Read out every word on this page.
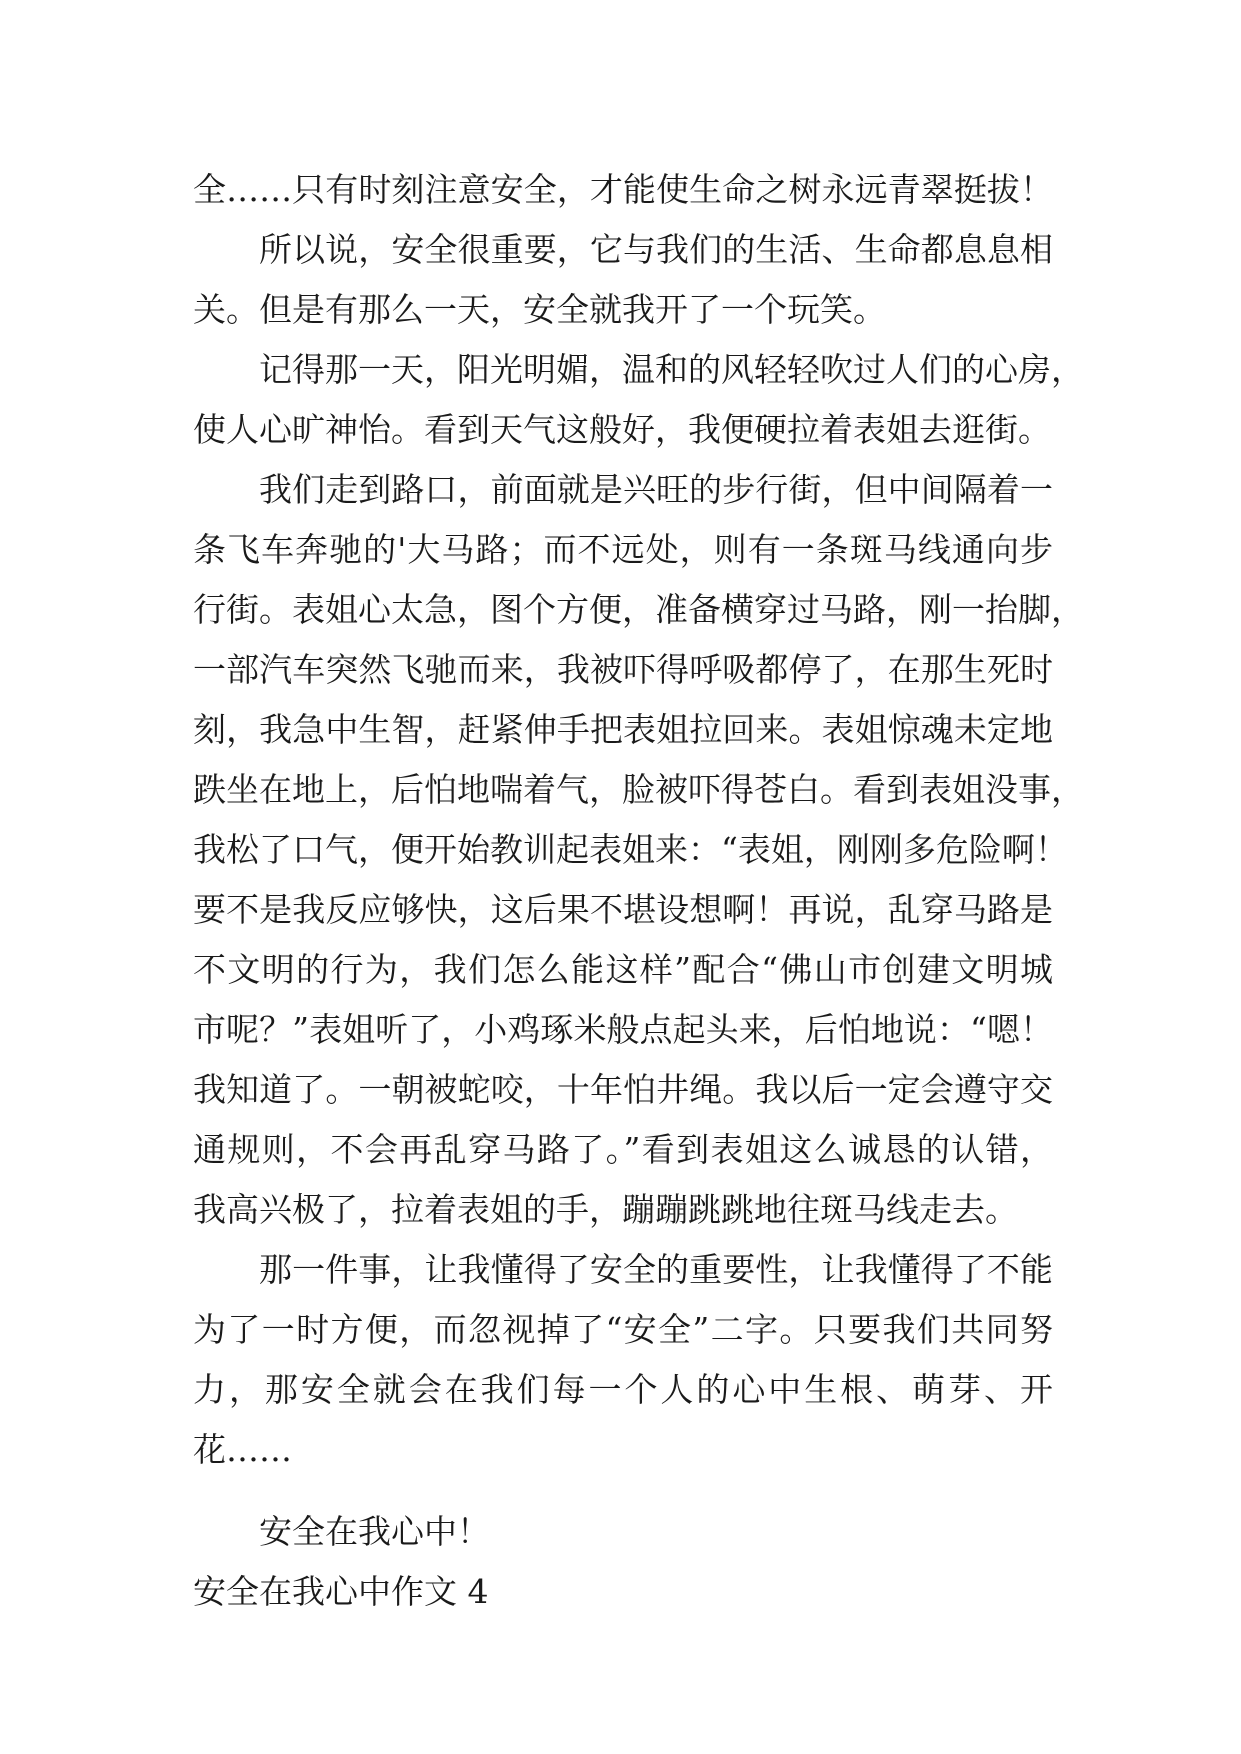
全……只有时刻注意安全，才能使生命之树永远青翠挺拔！
所以说，安全很重要，它与我们的生活、生命都息息相
关。但是有那么一天，安全就我开了一个玩笑。
记得那一天，阳光明媚，温和的风轻轻吹过人们的心房，
使人心旷神怡。看到天气这般好，我便硬拉着表姐去逛街。
我们走到路口，前面就是兴旺的步行街，但中间隔着一
条飞车奔驰的'大马路；而不远处，则有一条斑马线通向步
行街。表姐心太急，图个方便，准备横穿过马路，刚一抬脚，
一部汽车突然飞驰而来，我被吓得呼吸都停了，在那生死时
刻，我急中生智，赶紧伸手把表姐拉回来。表姐惊魂未定地
跌坐在地上，后怕地喘着气，脸被吓得苍白。看到表姐没事，
我松了口气，便开始教训起表姐来：“表姐，刚刚多危险啊！
要不是我反应够快，这后果不堪设想啊！再说，乱穿马路是
不文明的行为，我们怎么能这样”配合“佛山市创建文明城
市呢？”表姐听了，小鸡琢米般点起头来，后怕地说：“嗯！
我知道了。一朝被蛇咬，十年怕井绳。我以后一定会遵守交
通规则，不会再乱穿马路了。”看到表姐这么诚恳的认错，
我高兴极了，拉着表姐的手，蹦蹦跳跳地往斑马线走去。
那一件事，让我懂得了安全的重要性，让我懂得了不能
为了一时方便，而忽视掉了“安全”二字。只要我们共同努
力，那安全就会在我们每一个人的心中生根、萌芽、开
花……
安全在我心中！
安全在我心中作文 4
